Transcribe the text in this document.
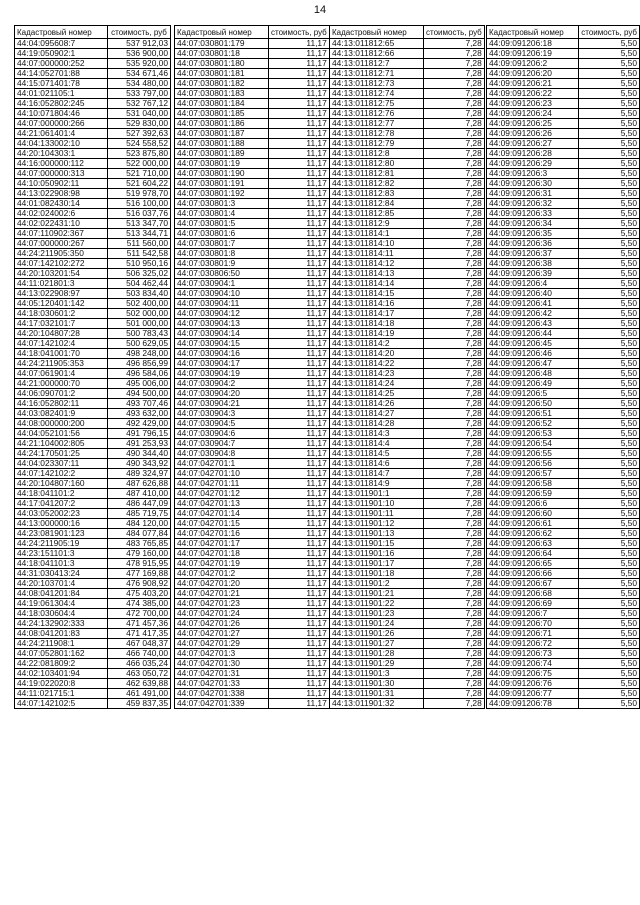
14
Кадастровый номер	стоимость, руб
44:04:095608:7	537 912,03
44:19:050902:1	536 900,00
44:07:000000:252	535 920,00
44:14:052701:88	534 671,46
44:15:071401:78	534 480,00
44:01:021105:1	533 797,00
44:16:052802:245	532 767,12
44:10:071804:46	531 040,00
44:07:000000:266	529 830,00
44:21:061401:4	527 392,63
44:04:133002:10	524 558,52
44:20:104303:1	523 875,80
44:16:000000:112	522 000,00
44:07:000000:313	521 710,00
44:10:050902:11	521 604,22
44:13:022908:98	519 978,70
44:01:082430:14	516 100,00
44:02:024002:6	516 037,76
44:02:022431:10	513 347,70
44:07:110902:367	513 344,71
44:07:000000:267	511 560,00
44:24:211905:350	511 542,58
44:07:142102:272	510 950,16
44:20:103201:54	506 325,02
44:11:021801:3	504 462,44
44:13:022908:97	503 834,40
44:05:120401:142	502 400,00
44:18:030601:2	502 000,00
44:17:032101:7	501 000,00
44:20:104807:28	500 783,43
44:07:142102:4	500 629,05
44:18:041001:70	498 248,00
44:24:211905:353	496 856,99
44:07:061901:4	496 584,06
44:21:000000:70	495 006,00
44:06:090701:2	494 500,00
44:16:052802:11	493 707,46
44:03:082401:9	493 632,00
44:08:000000:200	492 429,00
44:04:052101:56	491 796,15
44:21:104002:805	491 253,93
44:24:170501:25	490 344,40
44:04:023307:11	490 343,92
44:07:142102:2	489 324,97
44:20:104807:160	487 626,88
44:18:041101:2	487 410,00
44:17:041207:2	486 447,09
44:03:052002:23	485 719,75
44:13:000000:16	484 120,00
44:23:081901:123	484 077,84
44:24:211905:19	483 765,85
44:23:151101:3	479 160,00
44:18:041101:3	478 915,95
44:31:030413:24	477 169,88
44:20:103701:4	476 908,92
44:08:041201:84	475 403,20
44:19:061304:4	474 385,00
44:18:030604:4	472 700,00
44:24:132902:333	471 457,36
44:08:041201:83	471 417,35
44:24:211908:1	467 048,37
44:07:052801:162	466 740,00
44:22:081809:2	466 035,24
44:02:103401:94	463 050,72
44:19:022020:8	462 639,88
44:11:021715:1	461 491,00
44:07:142102:5	459 837,35
Кадастровый номер	стоимость, руб
44:07:030801:179	11,17
44:07:030801:18	11,17
44:07:030801:180	11,17
44:07:030801:181	11,17
44:07:030801:182	11,17
44:07:030801:183	11,17
44:07:030801:184	11,17
44:07:030801:185	11,17
44:07:030801:186	11,17
44:07:030801:187	11,17
44:07:030801:188	11,17
44:07:030801:189	11,17
44:07:030801:19	11,17
44:07:030801:190	11,17
44:07:030801:191	11,17
44:07:030801:192	11,17
44:07:030801:3	11,17
44:07:030801:4	11,17
44:07:030801:5	11,17
44:07:030801:6	11,17
44:07:030801:7	11,17
44:07:030801:8	11,17
44:07:030801:9	11,17
44:07:030806:50	11,17
44:07:030904:1	11,17
44:07:030904:10	11,17
44:07:030904:11	11,17
44:07:030904:12	11,17
44:07:030904:13	11,17
44:07:030904:14	11,17
44:07:030904:15	11,17
44:07:030904:16	11,17
44:07:030904:17	11,17
44:07:030904:19	11,17
44:07:030904:2	11,17
44:07:030904:20	11,17
44:07:030904:21	11,17
44:07:030904:3	11,17
44:07:030904:5	11,17
44:07:030904:6	11,17
44:07:030904:7	11,17
44:07:030904:8	11,17
44:07:042701:1	11,17
44:07:042701:10	11,17
44:07:042701:11	11,17
44:07:042701:12	11,17
44:07:042701:13	11,17
44:07:042701:14	11,17
44:07:042701:15	11,17
44:07:042701:16	11,17
44:07:042701:17	11,17
44:07:042701:18	11,17
44:07:042701:19	11,17
44:07:042701:2	11,17
44:07:042701:20	11,17
44:07:042701:21	11,17
44:07:042701:23	11,17
44:07:042701:24	11,17
44:07:042701:26	11,17
44:07:042701:27	11,17
44:07:042701:29	11,17
44:07:042701:3	11,17
44:07:042701:30	11,17
44:07:042701:31	11,17
44:07:042701:33	11,17
44:07:042701:338	11,17
44:07:042701:339	11,17
Кадастровый номер	стоимость, руб
44:13:011812:65	7,28
44:13:011812:66	7,28
44:13:011812:7	7,28
44:13:011812:71	7,28
44:13:011812:73	7,28
44:13:011812:74	7,28
44:13:011812:75	7,28
44:13:011812:76	7,28
44:13:011812:77	7,28
44:13:011812:78	7,28
44:13:011812:79	7,28
44:13:011812:8	7,28
44:13:011812:80	7,28
44:13:011812:81	7,28
44:13:011812:82	7,28
44:13:011812:83	7,28
44:13:011812:84	7,28
44:13:011812:85	7,28
44:13:011812:9	7,28
44:13:011814:1	7,28
44:13:011814:10	7,28
44:13:011814:11	7,28
44:13:011814:12	7,28
44:13:011814:13	7,28
44:13:011814:14	7,28
44:13:011814:15	7,28
44:13:011814:16	7,28
44:13:011814:17	7,28
44:13:011814:18	7,28
44:13:011814:19	7,28
44:13:011814:2	7,28
44:13:011814:20	7,28
44:13:011814:22	7,28
44:13:011814:23	7,28
44:13:011814:24	7,28
44:13:011814:25	7,28
44:13:011814:26	7,28
44:13:011814:27	7,28
44:13:011814:28	7,28
44:13:011814:3	7,28
44:13:011814:4	7,28
44:13:011814:5	7,28
44:13:011814:6	7,28
44:13:011814:7	7,28
44:13:011814:9	7,28
44:13:011901:1	7,28
44:13:011901:10	7,28
44:13:011901:11	7,28
44:13:011901:12	7,28
44:13:011901:13	7,28
44:13:011901:15	7,28
44:13:011901:16	7,28
44:13:011901:17	7,28
44:13:011901:18	7,28
44:13:011901:2	7,28
44:13:011901:21	7,28
44:13:011901:22	7,28
44:13:011901:23	7,28
44:13:011901:24	7,28
44:13:011901:26	7,28
44:13:011901:27	7,28
44:13:011901:28	7,28
44:13:011901:29	7,28
44:13:011901:3	7,28
44:13:011901:30	7,28
44:13:011901:31	7,28
44:13:011901:32	7,28
Кадастровый номер	стоимость, руб
44:09:091206:18	5,50
44:09:091206:19	5,50
44:09:091206:2	5,50
44:09:091206:20	5,50
44:09:091206:21	5,50
44:09:091206:22	5,50
44:09:091206:23	5,50
44:09:091206:24	5,50
44:09:091206:25	5,50
44:09:091206:26	5,50
44:09:091206:27	5,50
44:09:091206:28	5,50
44:09:091206:29	5,50
44:09:091206:3	5,50
44:09:091206:30	5,50
44:09:091206:31	5,50
44:09:091206:32	5,50
44:09:091206:33	5,50
44:09:091206:34	5,50
44:09:091206:35	5,50
44:09:091206:36	5,50
44:09:091206:37	5,50
44:09:091206:38	5,50
44:09:091206:39	5,50
44:09:091206:4	5,50
44:09:091206:40	5,50
44:09:091206:41	5,50
44:09:091206:42	5,50
44:09:091206:43	5,50
44:09:091206:44	5,50
44:09:091206:45	5,50
44:09:091206:46	5,50
44:09:091206:47	5,50
44:09:091206:48	5,50
44:09:091206:49	5,50
44:09:091206:5	5,50
44:09:091206:50	5,50
44:09:091206:51	5,50
44:09:091206:52	5,50
44:09:091206:53	5,50
44:09:091206:54	5,50
44:09:091206:55	5,50
44:09:091206:56	5,50
44:09:091206:57	5,50
44:09:091206:58	5,50
44:09:091206:59	5,50
44:09:091206:6	5,50
44:09:091206:60	5,50
44:09:091206:61	5,50
44:09:091206:62	5,50
44:09:091206:63	5,50
44:09:091206:64	5,50
44:09:091206:65	5,50
44:09:091206:66	5,50
44:09:091206:67	5,50
44:09:091206:68	5,50
44:09:091206:69	5,50
44:09:091206:7	5,50
44:09:091206:70	5,50
44:09:091206:71	5,50
44:09:091206:72	5,50
44:09:091206:73	5,50
44:09:091206:74	5,50
44:09:091206:75	5,50
44:09:091206:76	5,50
44:09:091206:77	5,50
44:09:091206:78	5,50
